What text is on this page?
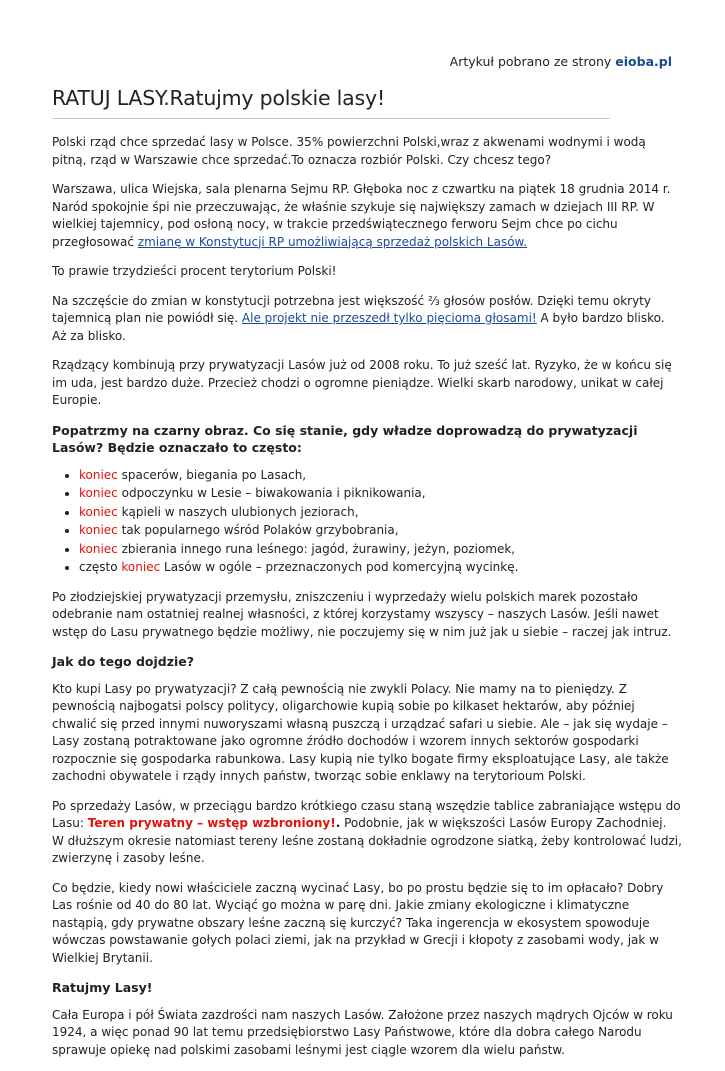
Artykuł pobrano ze strony eioba.pl
RATUJ LASY.Ratujmy polskie lasy!

Polski rząd chce sprzedać lasy w Polsce. 35% powierzchni Polski,wraz z akwenami wodnymi i wodą pitną, rząd w Warszawie chce sprzedać.To oznacza rozbiór Polski. Czy chcesz tego?

Warszawa, ulica Wiejska, sala plenarna Sejmu RP. Głęboka noc z czwartku na piątek 18 grudnia 2014 r. Naród spokojnie śpi nie przeczuwając, że właśnie szykuje się największy zamach w dziejach III RP. W wielkiej tajemnicy, pod osłoną nocy, w trakcie przedświątecznego ferworu Sejm chce po cichu przegłosować zmianę w Konstytucji RP umożliwiającą sprzedaż polskich Lasów.

To prawie trzydzieści procent terytorium Polski!

Na szczęście do zmian w konstytucji potrzebna jest większość ⅔ głosów posłów. Dzięki temu okryty tajemnicą plan nie powiódł się. Ale projekt nie przeszedł tylko pięcioma głosami! A było bardzo blisko. Aż za blisko.

Rządzący kombinują przy prywatyzacji Lasów już od 2008 roku. To już sześć lat. Ryzyko, że w końcu się im uda, jest bardzo duże. Przecież chodzi o ogromne pieniądze. Wielki skarb narodowy, unikat w całej Europie.

Popatrzmy na czarny obraz. Co się stanie, gdy władze doprowadzą do prywatyzacji Lasów? Będzie oznaczało to często:
• koniec spacerów, biegania po Lasach,
• koniec odpoczynku w Lesie – biwakowania i piknikowania,
• koniec kąpieli w naszych ulubionych jeziorach,
• koniec tak popularnego wśród Polaków grzybobrania,
• koniec zbierania innego runa leśnego: jagód, żurawiny, jeżyn, poziomek,
• często koniec Lasów w ogóle – przeznaczonych pod komercyjną wycinkę.

Po złodziejskiej prywatyzacji przemysłu, zniszczeniu i wyprzedaży wielu polskich marek pozostało odebranie nam ostatniej realnej własności, z której korzystamy wszyscy – naszych Lasów. Jeśli nawet wstęp do Lasu prywatnego będzie możliwy, nie poczujemy się w nim już jak u siebie – raczej jak intruz.

Jak do tego dojdzie?

Kto kupi Lasy po prywatyzacji? Z całą pewnością nie zwykli Polacy. Nie mamy na to pieniędzy. Z pewnością najbogatsi polscy politycy, oligarchowie kupią sobie po kilkaset hektarów, aby później chwalić się przed innymi nuworyszami własną puszczą i urządzać safari u siebie. Ale – jak się wydaje – Lasy zostaną potraktowane jako ogromne źródło dochodów i wzorem innych sektorów gospodarki rozpocznie się gospodarka rabunkowa. Lasy kupią nie tylko bogate firmy eksploatujące Lasy, ale także zachodni obywatele i rządy innych państw, tworząc sobie enklawy na terytorioum Polski.

Po sprzedaży Lasów, w przeciągu bardzo krótkiego czasu staną wszędzie tablice zabraniające wstępu do Lasu: Teren prywatny – wstęp wzbroniony!. Podobnie, jak w większości Lasów Europy Zachodniej. W dłuższym okresie natomiast tereny leśne zostaną dokładnie ogrodzone siatką, żeby kontrolować ludzi, zwierzynę i zasoby leśne.

Co będzie, kiedy nowi właściciele zaczną wycinać Lasy, bo po prostu będzie się to im opłacało? Dobry Las rośnie od 40 do 80 lat. Wyciąć go można w parę dni. Jakie zmiany ekologiczne i klimatyczne nastąpią, gdy prywatne obszary leśne zaczną się kurczyć? Taka ingerencja w ekosystem spowoduje wówczas powstawanie gołych polaci ziemi, jak na przykład w Grecji i kłopoty z zasobami wody, jak w Wielkiej Brytanii.

Ratujmy Lasy!

Cała Europa i pół Świata zazdrości nam naszych Lasów. Założone przez naszych mądrych Ojców w roku 1924, a więc ponad 90 lat temu przedsiębiorstwo Lasy Państwowe, które dla dobra całego Narodu sprawuje opiekę nad polskimi zasobami leśnymi jest ciągle wzorem dla wielu państw.
